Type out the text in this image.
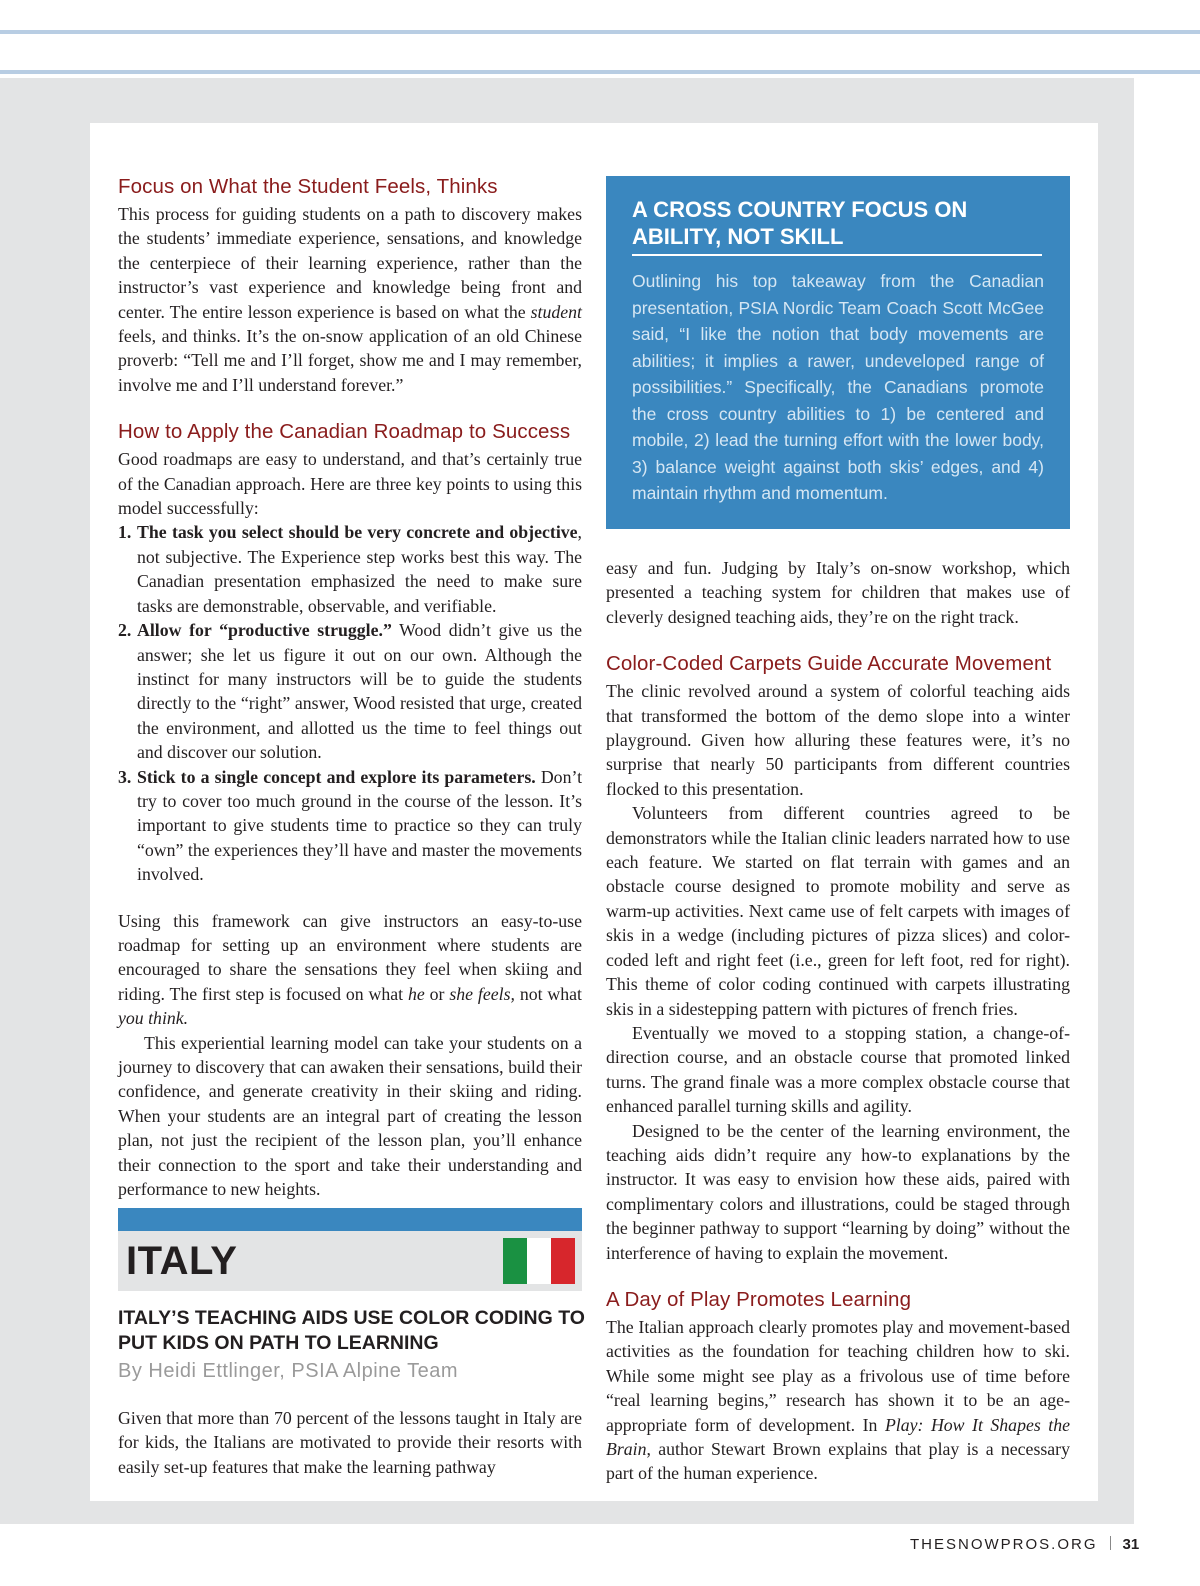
Focus on What the Student Feels, Thinks

This process for guiding students on a path to discovery makes the students’ immediate experience, sensations, and knowledge the centerpiece of their learning experience, rather than the instructor’s vast experience and knowledge being front and center. The entire lesson experience is based on what the student feels, and thinks. It’s the on-snow application of an old Chinese proverb: “Tell me and I’ll forget, show me and I may remember, involve me and I’ll understand forever.”

How to Apply the Canadian Roadmap to Success

Good roadmaps are easy to understand, and that’s certainly true of the Canadian approach. Here are three key points to using this model successfully:

1. The task you select should be very concrete and objective, not subjective. The Experience step works best this way. The Canadian presentation emphasized the need to make sure tasks are demonstrable, observable, and verifiable.
2. Allow for “productive struggle.” Wood didn’t give us the answer; she let us figure it out on our own. Although the instinct for many instructors will be to guide the students directly to the “right” answer, Wood resisted that urge, created the environment, and allotted us the time to feel things out and discover our solution.
3. Stick to a single concept and explore its parameters. Don’t try to cover too much ground in the course of the lesson. It’s important to give students time to practice so they can truly “own” the experiences they’ll have and master the movements involved.

Using this framework can give instructors an easy-to-use roadmap for setting up an environment where students are encouraged to share the sensations they feel when skiing and riding. The first step is focused on what he or she feels, not what you think.

This experiential learning model can take your students on a journey to discovery that can awaken their sensations, build their confidence, and generate creativity in their skiing and riding. When your students are an integral part of creating the lesson plan, not just the recipient of the lesson plan, you’ll enhance their connection to the sport and take their understanding and performance to new heights.

A CROSS COUNTRY FOCUS ON ABILITY, NOT SKILL
Outlining his top takeaway from the Canadian presentation, PSIA Nordic Team Coach Scott McGee said, “I like the notion that body movements are abilities; it implies a rawer, undeveloped range of possibilities.” Specifically, the Canadians promote the cross country abilities to 1) be centered and mobile, 2) lead the turning effort with the lower body, 3) balance weight against both skis’ edges, and 4) maintain rhythm and momentum.

easy and fun. Judging by Italy’s on-snow workshop, which presented a teaching system for children that makes use of cleverly designed teaching aids, they’re on the right track.

Color-Coded Carpets Guide Accurate Movement

The clinic revolved around a system of colorful teaching aids that transformed the bottom of the demo slope into a winter playground. Given how alluring these features were, it’s no surprise that nearly 50 participants from different countries flocked to this presentation.

Volunteers from different countries agreed to be demonstrators while the Italian clinic leaders narrated how to use each feature. We started on flat terrain with games and an obstacle course designed to promote mobility and serve as warm-up activities. Next came use of felt carpets with images of skis in a wedge (including pictures of pizza slices) and color-coded left and right feet (i.e., green for left foot, red for right). This theme of color coding continued with carpets illustrating skis in a sidestepping pattern with pictures of french fries.

Eventually we moved to a stopping station, a change-of-direction course, and an obstacle course that promoted linked turns. The grand finale was a more complex obstacle course that enhanced parallel turning skills and agility.

Designed to be the center of the learning environment, the teaching aids didn’t require any how-to explanations by the instructor. It was easy to envision how these aids, paired with complimentary colors and illustrations, could be staged through the beginner pathway to support “learning by doing” without the interference of having to explain the movement.

A Day of Play Promotes Learning

The Italian approach clearly promotes play and movement-based activities as the foundation for teaching children how to ski. While some might see play as a frivolous use of time before “real learning begins,” research has shown it to be an age-appropriate form of development. In Play: How It Shapes the Brain, author Stewart Brown explains that play is a necessary part of the human experience.

ITALY
ITALY’S TEACHING AIDS USE COLOR CODING TO PUT KIDS ON PATH TO LEARNING
By Heidi Ettlinger, PSIA Alpine Team

Given that more than 70 percent of the lessons taught in Italy are for kids, the Italians are motivated to provide their resorts with easily set-up features that make the learning pathway

THESNOWPROS.ORG 31
